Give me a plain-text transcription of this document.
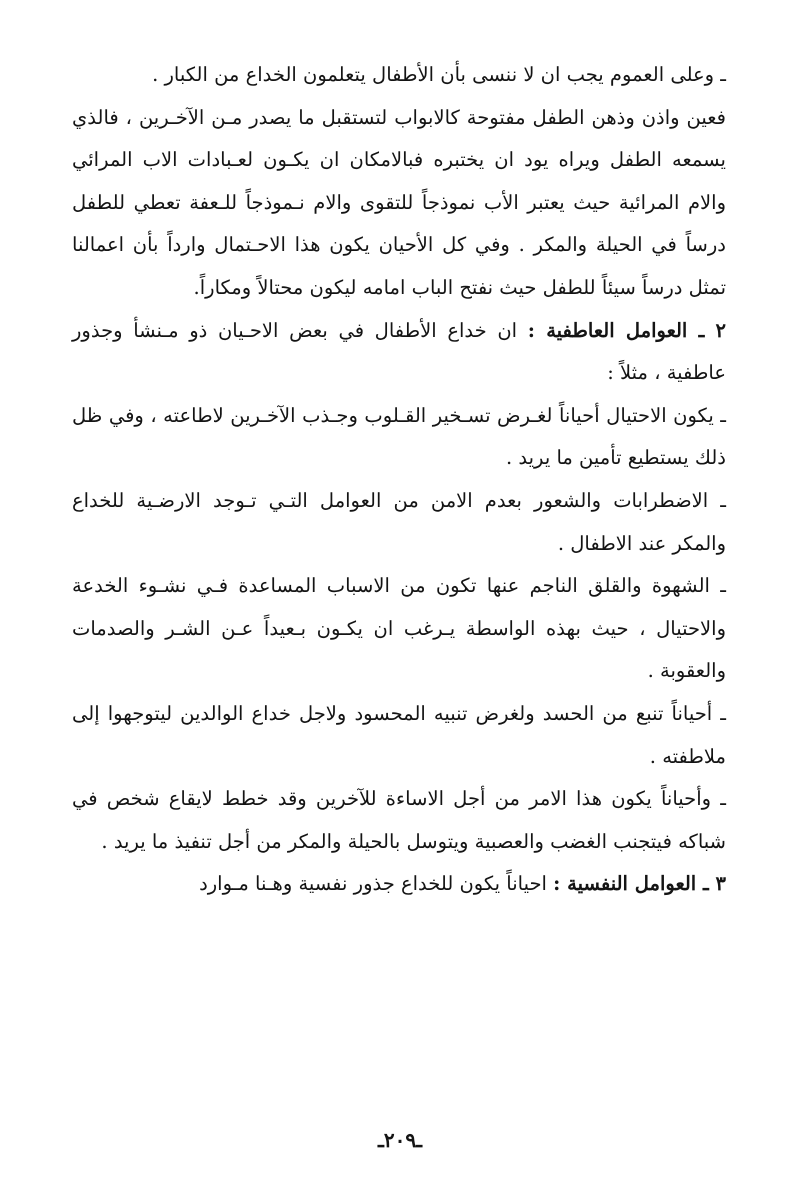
ـ وعلى العموم يجب ان لا ننسى بأن الأطفال يتعلمون الخداع من الكبار .

فعين واذن وذهن الطفل مفتوحة كالابواب لتستقبل ما يصدر مـن الآخـرين ، فالذي يسمعه الطفل ويراه يود ان يختبره فبالامكان ان يكـون لعـبادات الاب المرائي والام المرائية حيث يعتبر الأب نموذجاً للتقوى والام نـموذجاً للـعفة تعطي للطفل درساً في الحيلة والمكر . وفي كل الأحيان يكون هذا الاحـتمال وارداً بأن اعمالنا تمثل درساً سيئاً للطفل حيث نفتح الباب امامه ليكون محتالاً ومكاراً.

٢ ـ العوامل العاطفية : ان خداع الأطفال في بعض الاحـيان ذو مـنشأ وجذور عاطفية ، مثلاً :

ـ يكون الاحتيال أحياناً لغـرض تسـخير القـلوب وجـذب الآخـرين لاطاعته ، وفي ظل ذلك يستطيع تأمين ما يريد .

ـ الاضطرابات والشعور بعدم الامن من العوامل التـي تـوجد الارضـية للخداع والمكر عند الاطفال .

ـ الشهوة والقلق الناجم عنها تكون من الاسباب المساعدة فـي نشـوء الخدعة والاحتيال ، حيث بهذه الواسطة يـرغب ان يكـون بـعيداً عـن الشـر والصدمات والعقوبة .

ـ أحياناً تنبع من الحسد ولغرض تنبيه المحسود ولاجل خداع الوالدين ليتوجهوا إلى ملاطفته .

ـ وأحياناً يكون هذا الامر من أجل الاساءة للآخرين وقد خطط لايقاع شخص في شباكه فيتجنب الغضب والعصبية ويتوسل بالحيلة والمكر من أجل تنفيذ ما يريد .

٣ ـ العوامل النفسية : احياناً يكون للخداع جذور نفسية وهـنا مـوارد

ـ٢٠٩ـ
